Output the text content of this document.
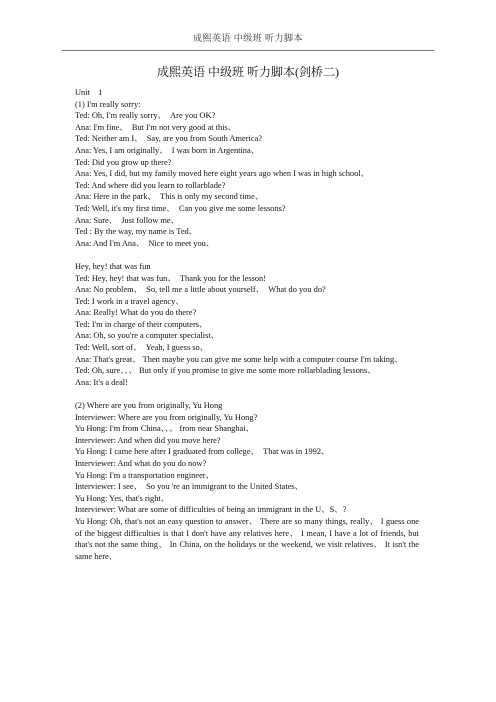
成熙英语 中级班 听力脚本
成熙英语 中级班 听力脚本(剑桥二)
Unit    1
(1) I'm really sorry:
Ted: Oh, I'm really sorry、  Are you OK?
Ana: I'm fine、  But I'm not very good at this、
Ted: Neither am I、  Say, are you from South America?
Ana: Yes, I am originally、  I was born in Argentina、
Ted: Did you grow up there?
Ana: Yes, I did, but my family moved here eight years ago when I was in high school、
Ted: And where did you learn to rollarblade?
Ana: Here in the park、  This is only my second time、
Ted: Well, it's my first time、  Can you give me some lessons?
Ana: Sure、  Just follow me、
Ted : By the way, my name is Ted、
Ana: And I'm Ana、  Nice to meet you、
Hey, hey! that was fun
Ted: Hey, hey! that was fun、  Thank you for the lesson!
Ana: No problem、  So, tell me a little about yourself、  What do you do?
Ted: I work in a travel agency、
Ana: Really! What do you do there?
Ted: I'm in charge of their computers、
Ana: Oh, so you're a computer specialist、
Ted: Well, sort of、  Yeah, I guess so、
Ana: That's great、 Then maybe you can give me some help with a computer course I'm taking、
Ted: Oh, sure、、、 But only if you promise to give me some more rollarblading lessons、
Ana: It's a deal!
(2) Where are you from originally, Yu Hong
Interviewer: Where are you from originally, Yu Hong?
Yu Hong: I'm from China、、、 from near Shanghai、
Interviewer: And when did you move here?
Yu Hong: I came here after I graduated from college、  That was in 1992、
Interviewer: And what do you do now?
Yu Hong: I'm a transportation engineer、
Interviewer: I see、  So you 're an immigrant to the United States、
Yu Hong: Yes, that's right、
Interviewer: What are some of difficulties of being an immigrant in the U、S、?
Yu Hong: Oh, that's not an easy question to answer、 There are so many things, really、 I guess one of the biggest difficulties is that I don't have any relatives here、 I mean, I have a lot of friends, but that's not the same thing、 In China, on the holidays or the weekend, we visit relatives、 It isn't the same here、
